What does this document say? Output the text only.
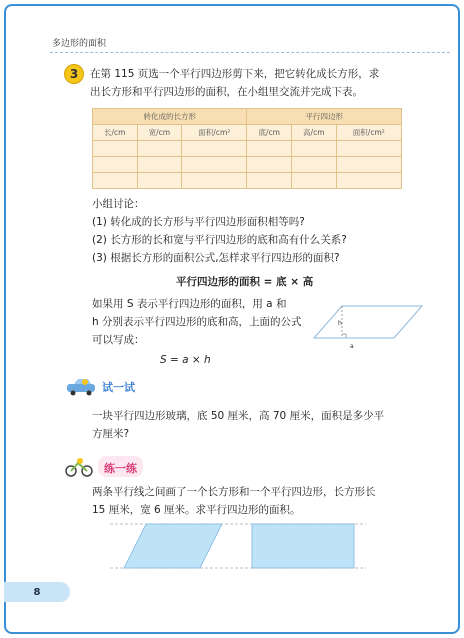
多边形的面积
3	在第 115 页选一个平行四边形剪下来，把它转化成长方形，求
出长方形和平行四边形的面积，在小组里交流并完成下表。
转化成的长方形			平行四边形		
长/cm	宽/cm	面积/cm²	底/cm	高/cm	面积/cm²

小组讨论：
(1) 转化成的长方形与平行四边形面积相等吗?
(2) 长方形的长和宽与平行四边形的底和高有什么关系?
(3) 根据长方形的面积公式,怎样求平行四边形的面积?
平行四边形的面积 = 底 × 高
如果用 S 表示平行四边形的面积，用 a 和
h 分别表示平行四边形的底和高，上面的公式
可以写成：
S = a × h
h
a
试一试
一块平行四边形玻璃，底 50 厘米，高 70 厘米，面积是多少平
方厘米?
练一练
两条平行线之间画了一个长方形和一个平行四边形，长方形长
15 厘米，宽 6 厘米。求平行四边形的面积。
8
